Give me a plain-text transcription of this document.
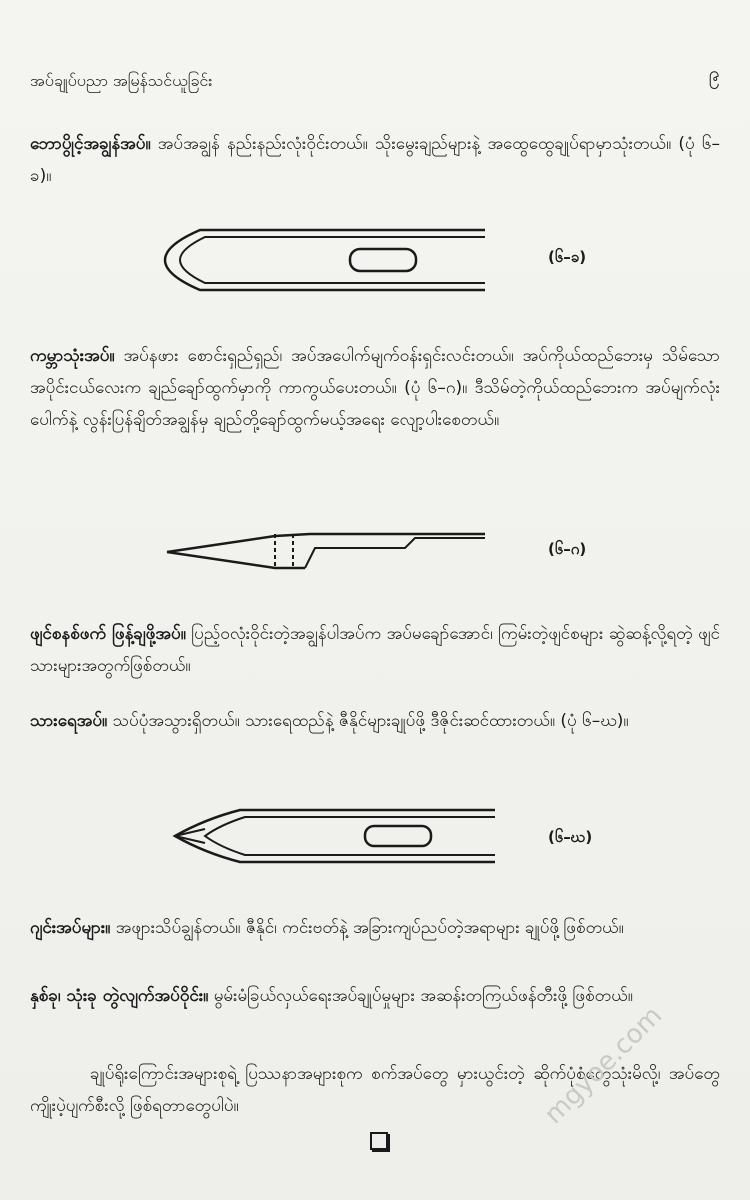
အပ်ချုပ်ပညာ အမြန်သင်ယူခြင်း	၉
ဘောပွိုင့်အချွန်အပ်။ အပ်အချွန် နည်းနည်းလုံးဝိုင်းတယ်။ သိုးမွေးချည်များနဲ့ အထွေထွေချုပ်ရာမှာသုံးတယ်။ (ပုံ ၆–ခ)။
(၆–ခ)
ကမ္ဘာသုံးအပ်။ အပ်နဖား စောင်းရှည်ရှည်၊ အပ်အပေါက်မျက်ဝန်းရှင်းလင်းတယ်။ အပ်ကိုယ်ထည်ဘေးမှ သိမ်သောအပိုင်းငယ်လေးက ချည်ချော်ထွက်မှာကို ကာကွယ်ပေးတယ်။ (ပုံ ၆–ဂ)။ ဒီသိမ်တဲ့ကိုယ်ထည်ဘေးက အပ်မျက်လုံးပေါက်နဲ့ လွန်းပြန်ချိတ်အချွန်မှ ချည်တို့ချော်ထွက်မယ့်အရေး လျော့ပါးစေတယ်။
(၆–ဂ)
ဖျင်စနစ်ဖက် ဖြန့်ချဖို့အပ်။ ပြည့်ဝလုံးဝိုင်းတဲ့အချွန်ပါအပ်က အပ်မချော်အောင်၊ ကြမ်းတဲ့ဖျင်စများ ဆွဲဆန့်လို့ရတဲ့ ဖျင်သားများအတွက်ဖြစ်တယ်။
သားရေအပ်။ သပ်ပုံအသွားရှိတယ်။ သားရေထည်နဲ့ ဇီနိုင်များချုပ်ဖို့ ဒီဇိုင်းဆင်ထားတယ်။ (ပုံ ၆–ဃ)။
(၆–ဃ)
ဂျင်းအပ်များ။ အဖျားသိပ်ချွန်တယ်။ ဇီနိုင်၊ ကင်းဗတ်နဲ့ အခြားကျပ်ညပ်တဲ့အရာများ ချုပ်ဖို့ဖြစ်တယ်။
နှစ်ခု၊ သုံးခု တွဲလျက်အပ်ဝိုင်း။ မွမ်းမံခြယ်လှယ်ရေးအပ်ချုပ်မှုများ အဆန်းတကြယ်ဖန်တီးဖို့ ဖြစ်တယ်။
ချုပ်ရိုးကြောင်းအများစုရဲ့ ပြဿနာအများစုက စက်အပ်တွေ မှားယွင်းတဲ့ ဆိုက်ပုံစံတွေသုံးမိလို့၊ အပ်တွေ ကျိုးပဲ့ပျက်စီးလို့ ဖြစ်ရတာတွေပါပဲ။	mgyoe.com
